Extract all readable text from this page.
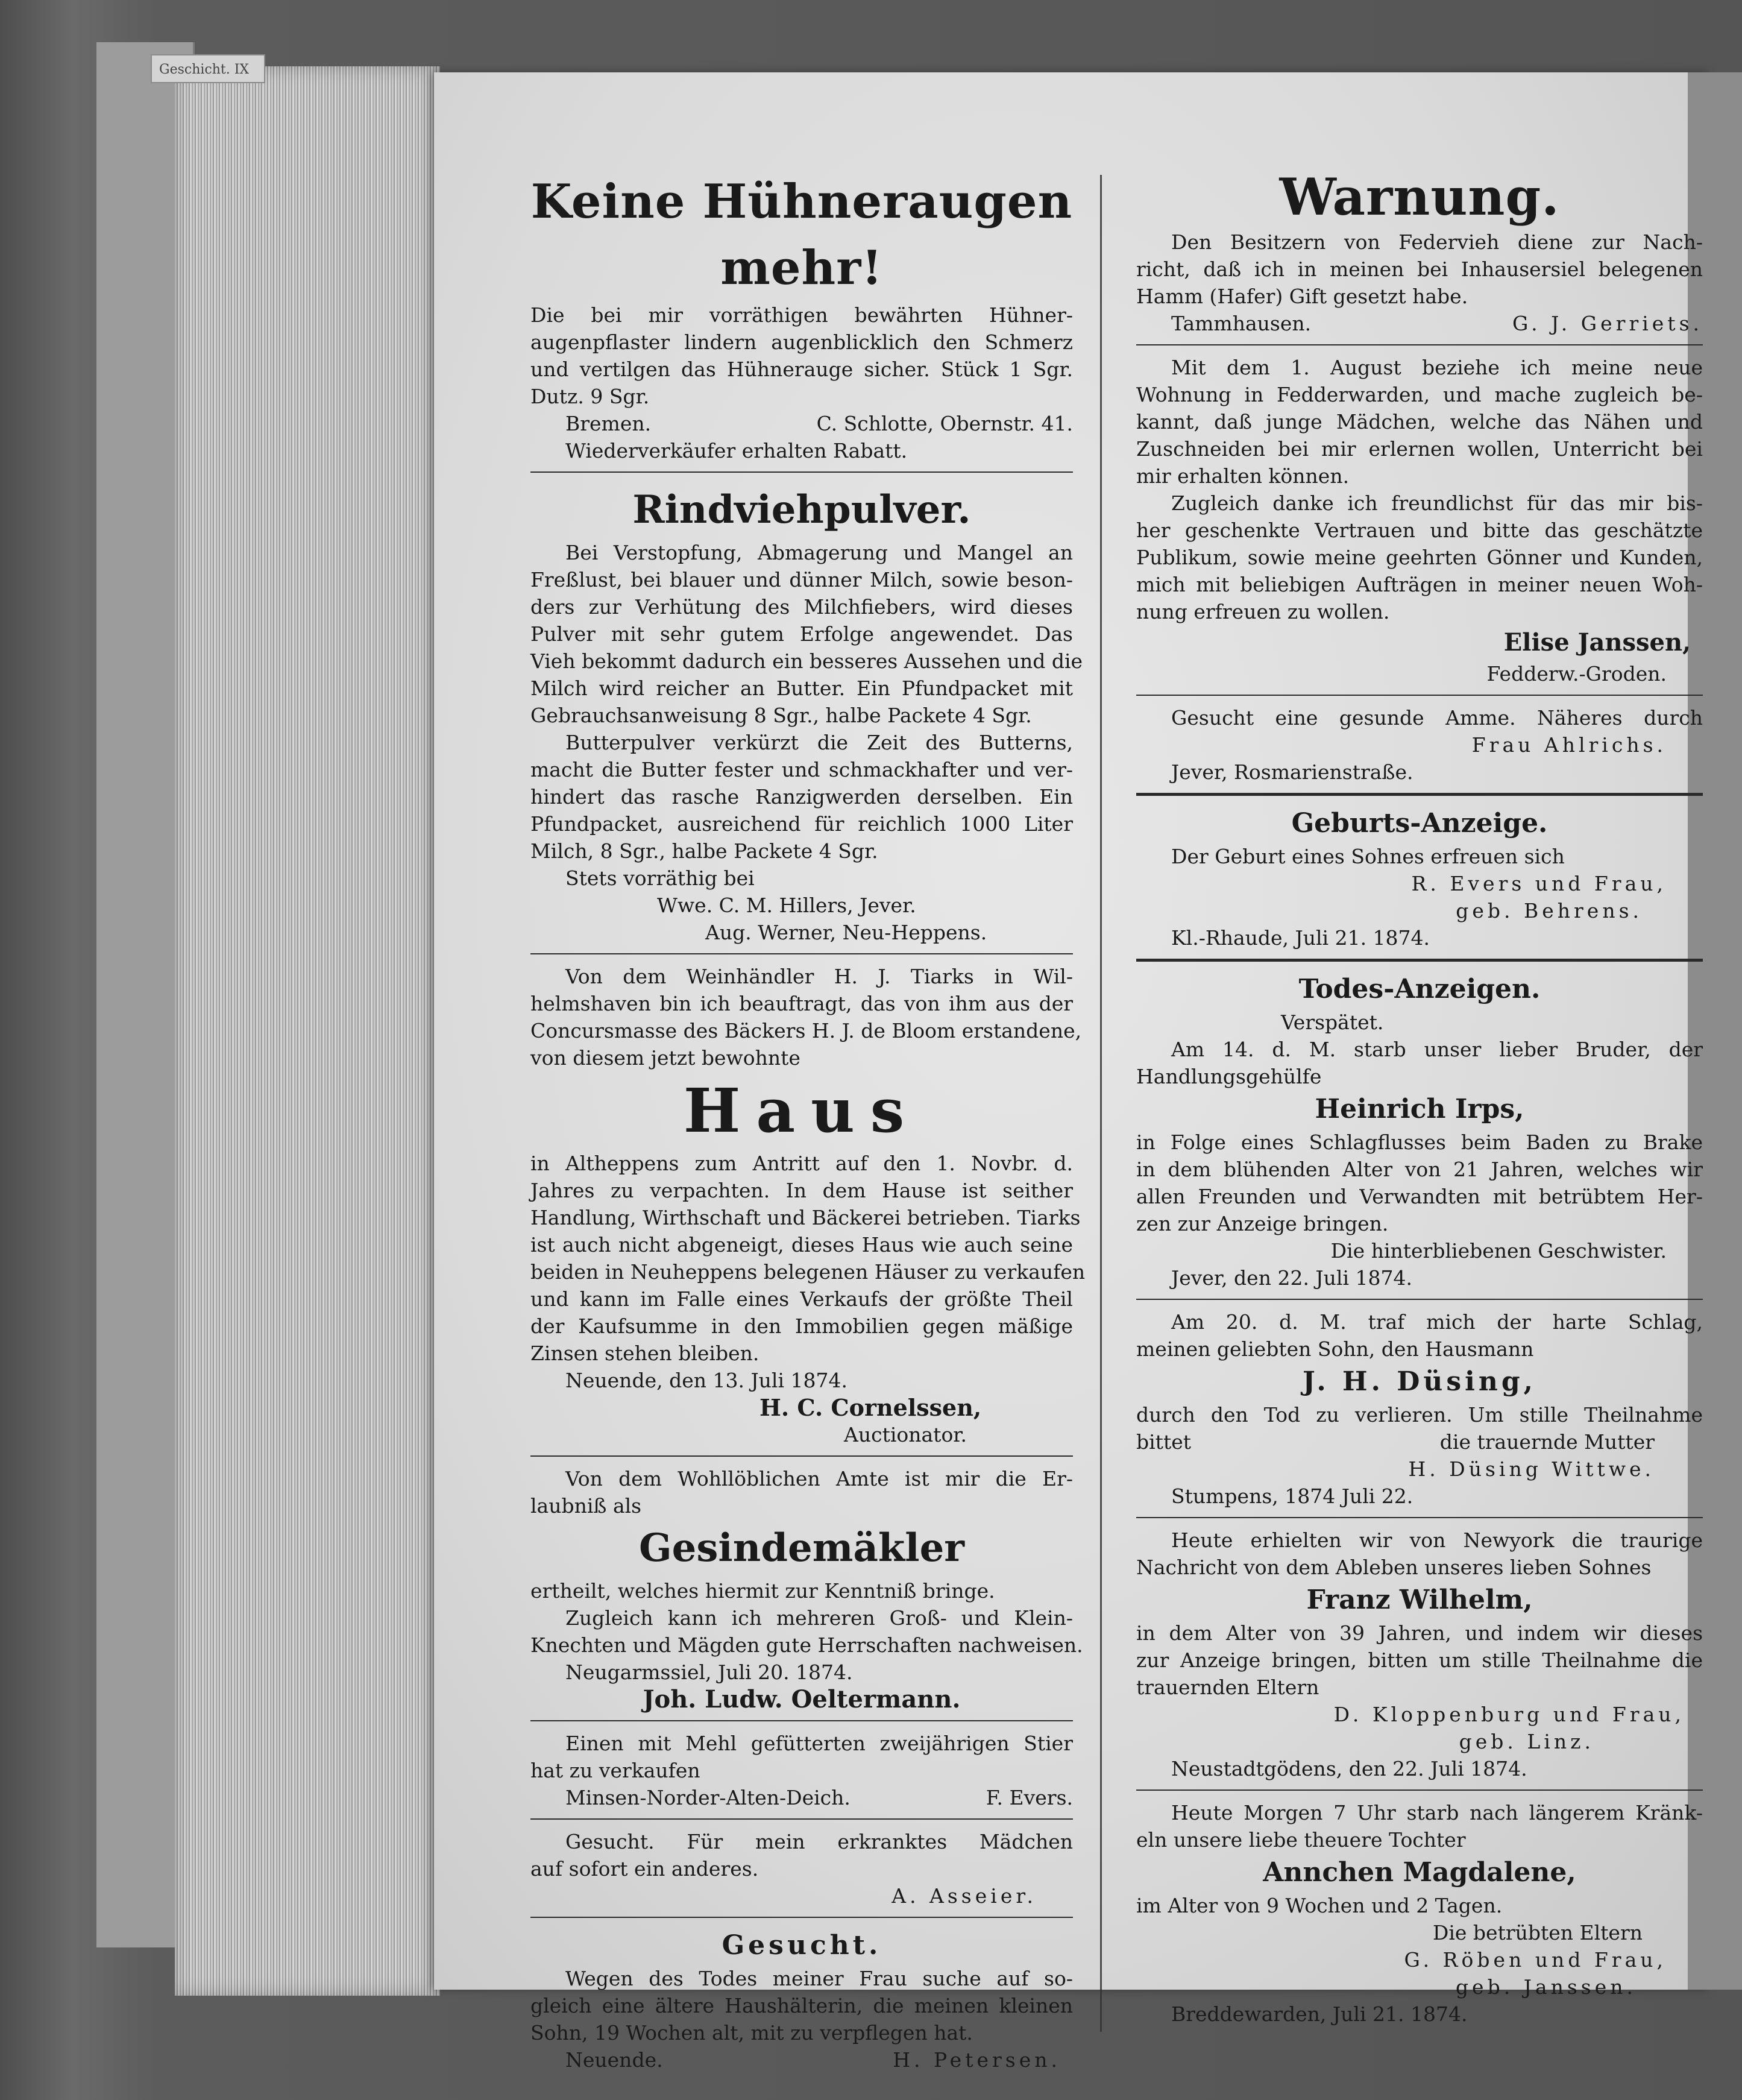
Geschicht. IX

Keine Hühneraugen mehr!

Die bei mir vorräthigen bewährten Hühner-

augenpflaster lindern augenblicklich den Schmerz

und vertilgen das Hühnerauge sicher. Stück 1 Sgr.

Dutz. 9 Sgr.

Bremen.	C. Schlotte, Obernstr. 41.

Wiederverkäufer erhalten Rabatt.

Rindviehpulver.

Bei Verstopfung, Abmagerung und Mangel an

Freßlust, bei blauer und dünner Milch, sowie beson-

ders zur Verhütung des Milchfiebers, wird dieses

Pulver mit sehr gutem Erfolge angewendet. Das

Vieh bekommt dadurch ein besseres Aussehen und die

Milch wird reicher an Butter. Ein Pfundpacket mit

Gebrauchsanweisung 8 Sgr., halbe Packete 4 Sgr.

Butterpulver verkürzt die Zeit des Butterns,

macht die Butter fester und schmackhafter und ver-

hindert das rasche Ranzigwerden derselben. Ein

Pfundpacket, ausreichend für reichlich 1000 Liter

Milch, 8 Sgr., halbe Packete 4 Sgr.

Stets vorräthig bei

Wwe. C. M. Hillers, Jever.

Aug. Werner, Neu-Heppens.

Von dem Weinhändler H. J. Tiarks in Wil-

helmshaven bin ich beauftragt, das von ihm aus der

Concursmasse des Bäckers H. J. de Bloom erstandene,

von diesem jetzt bewohnte

Haus

in Altheppens zum Antritt auf den 1. Novbr. d.

Jahres zu verpachten. In dem Hause ist seither

Handlung, Wirthschaft und Bäckerei betrieben. Tiarks

ist auch nicht abgeneigt, dieses Haus wie auch seine

beiden in Neuheppens belegenen Häuser zu verkaufen

und kann im Falle eines Verkaufs der größte Theil

der Kaufsumme in den Immobilien gegen mäßige

Zinsen stehen bleiben.

Neuende, den 13. Juli 1874.

H. C. Cornelssen,

Auctionator.

Von dem Wohllöblichen Amte ist mir die Er-

laubniß als

Gesindemäkler

ertheilt, welches hiermit zur Kenntniß bringe.

Zugleich kann ich mehreren Groß- und Klein-

Knechten und Mägden gute Herrschaften nachweisen.

Neugarmssiel, Juli 20. 1874.

Joh. Ludw. Oeltermann.

Einen mit Mehl gefütterten zweijährigen Stier

hat zu verkaufen

Minsen-Norder-Alten-Deich.	F. Evers.

Gesucht. Für mein erkranktes Mädchen

auf sofort ein anderes.

A. Asseier.

Gesucht.

Wegen des Todes meiner Frau suche auf so-

gleich eine ältere Haushälterin, die meinen kleinen

Sohn, 19 Wochen alt, mit zu verpflegen hat.

Neuende.	H. Petersen.

Warnung.

Den Besitzern von Federvieh diene zur Nach-

richt, daß ich in meinen bei Inhausersiel belegenen

Hamm (Hafer) Gift gesetzt habe.

Tammhausen.	G. J. Gerriets.

Mit dem 1. August beziehe ich meine neue

Wohnung in Fedderwarden, und mache zugleich be-

kannt, daß junge Mädchen, welche das Nähen und

Zuschneiden bei mir erlernen wollen, Unterricht bei

mir erhalten können.

Zugleich danke ich freundlichst für das mir bis-

her geschenkte Vertrauen und bitte das geschätzte

Publikum, sowie meine geehrten Gönner und Kunden,

mich mit beliebigen Aufträgen in meiner neuen Woh-

nung erfreuen zu wollen.

Elise Janssen,

Fedderw.-Groden.

Gesucht eine gesunde Amme. Näheres durch

Frau Ahlrichs.

Jever, Rosmarienstraße.

Geburts-Anzeige.

Der Geburt eines Sohnes erfreuen sich

R. Evers und Frau,

geb. Behrens.

Kl.-Rhaude, Juli 21. 1874.

Todes-Anzeigen.

Verspätet.

Am 14. d. M. starb unser lieber Bruder, der

Handlungsgehülfe

Heinrich Irps,

in Folge eines Schlagflusses beim Baden zu Brake

in dem blühenden Alter von 21 Jahren, welches wir

allen Freunden und Verwandten mit betrübtem Her-

zen zur Anzeige bringen.

Die hinterbliebenen Geschwister.

Jever, den 22. Juli 1874.

Am 20. d. M. traf mich der harte Schlag,

meinen geliebten Sohn, den Hausmann

J. H. Düsing,

durch den Tod zu verlieren. Um stille Theilnahme

bittet	die trauernde Mutter

H. Düsing Wittwe.

Stumpens, 1874 Juli 22.

Heute erhielten wir von Newyork die traurige

Nachricht von dem Ableben unseres lieben Sohnes

Franz Wilhelm,

in dem Alter von 39 Jahren, und indem wir dieses

zur Anzeige bringen, bitten um stille Theilnahme die

trauernden Eltern

D. Kloppenburg und Frau,

geb. Linz.

Neustadtgödens, den 22. Juli 1874.

Heute Morgen 7 Uhr starb nach längerem Kränk-

eln unsere liebe theuere Tochter

Annchen Magdalene,

im Alter von 9 Wochen und 2 Tagen.

Die betrübten Eltern

G. Röben und Frau,

geb. Janssen.

Breddewarden, Juli 21. 1874.
